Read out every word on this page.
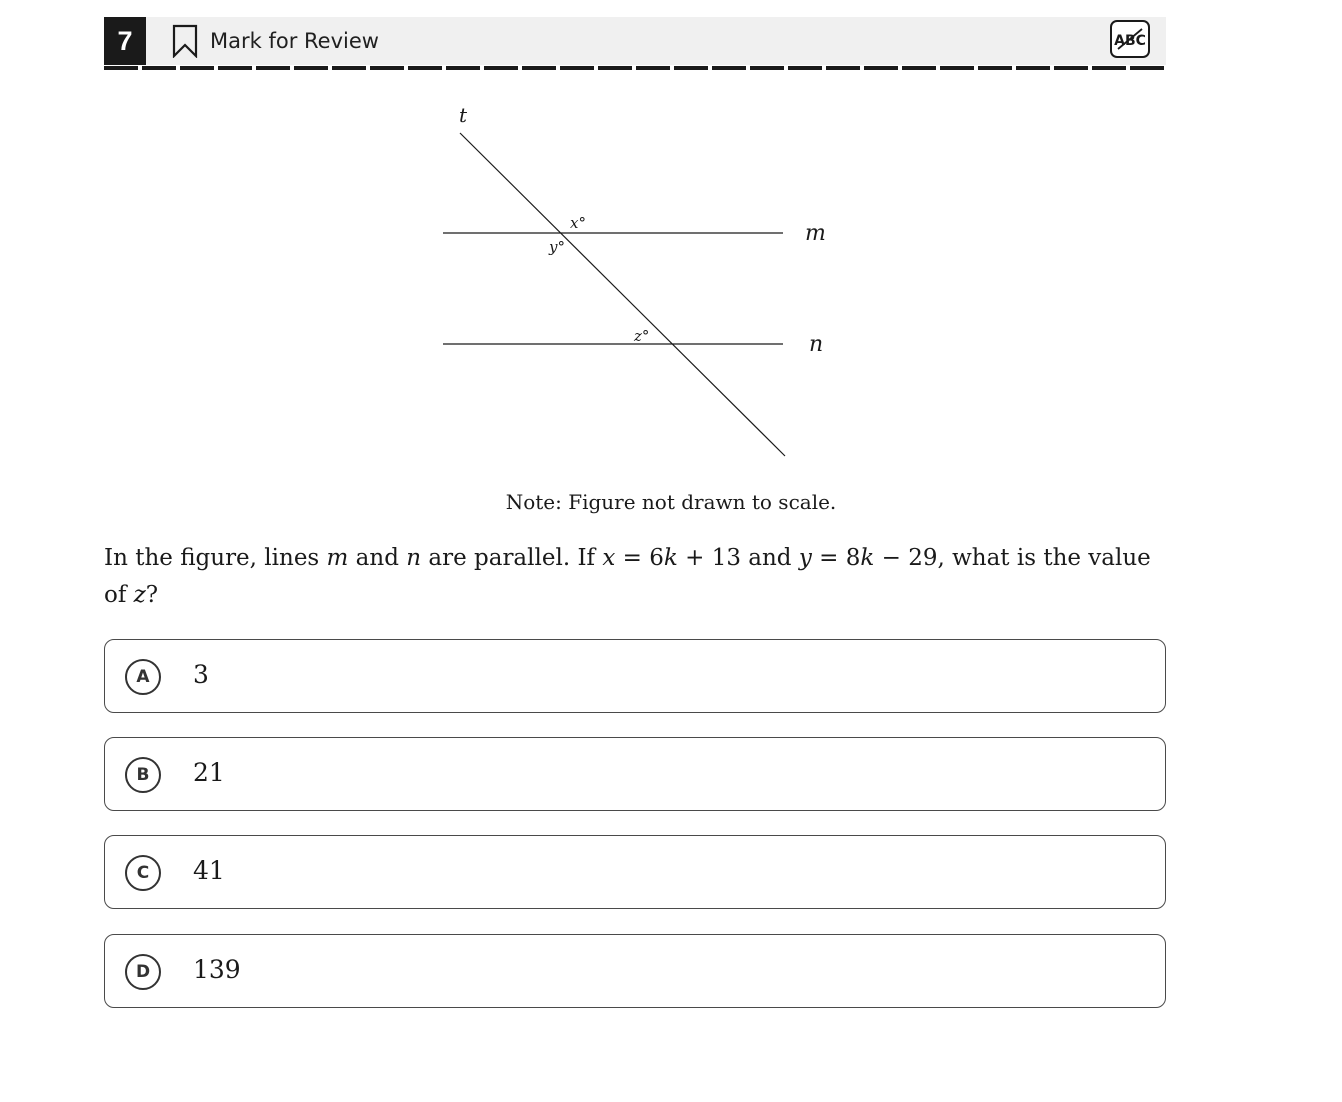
7	Mark for Review	ABC
t
m
n
x°
y°
z°
Note: Figure not drawn to scale.
In the figure, lines m and n are parallel. If x = 6k + 13 and y = 8k − 29, what is the value of z?
A	3
B	21
C	41
D	139
